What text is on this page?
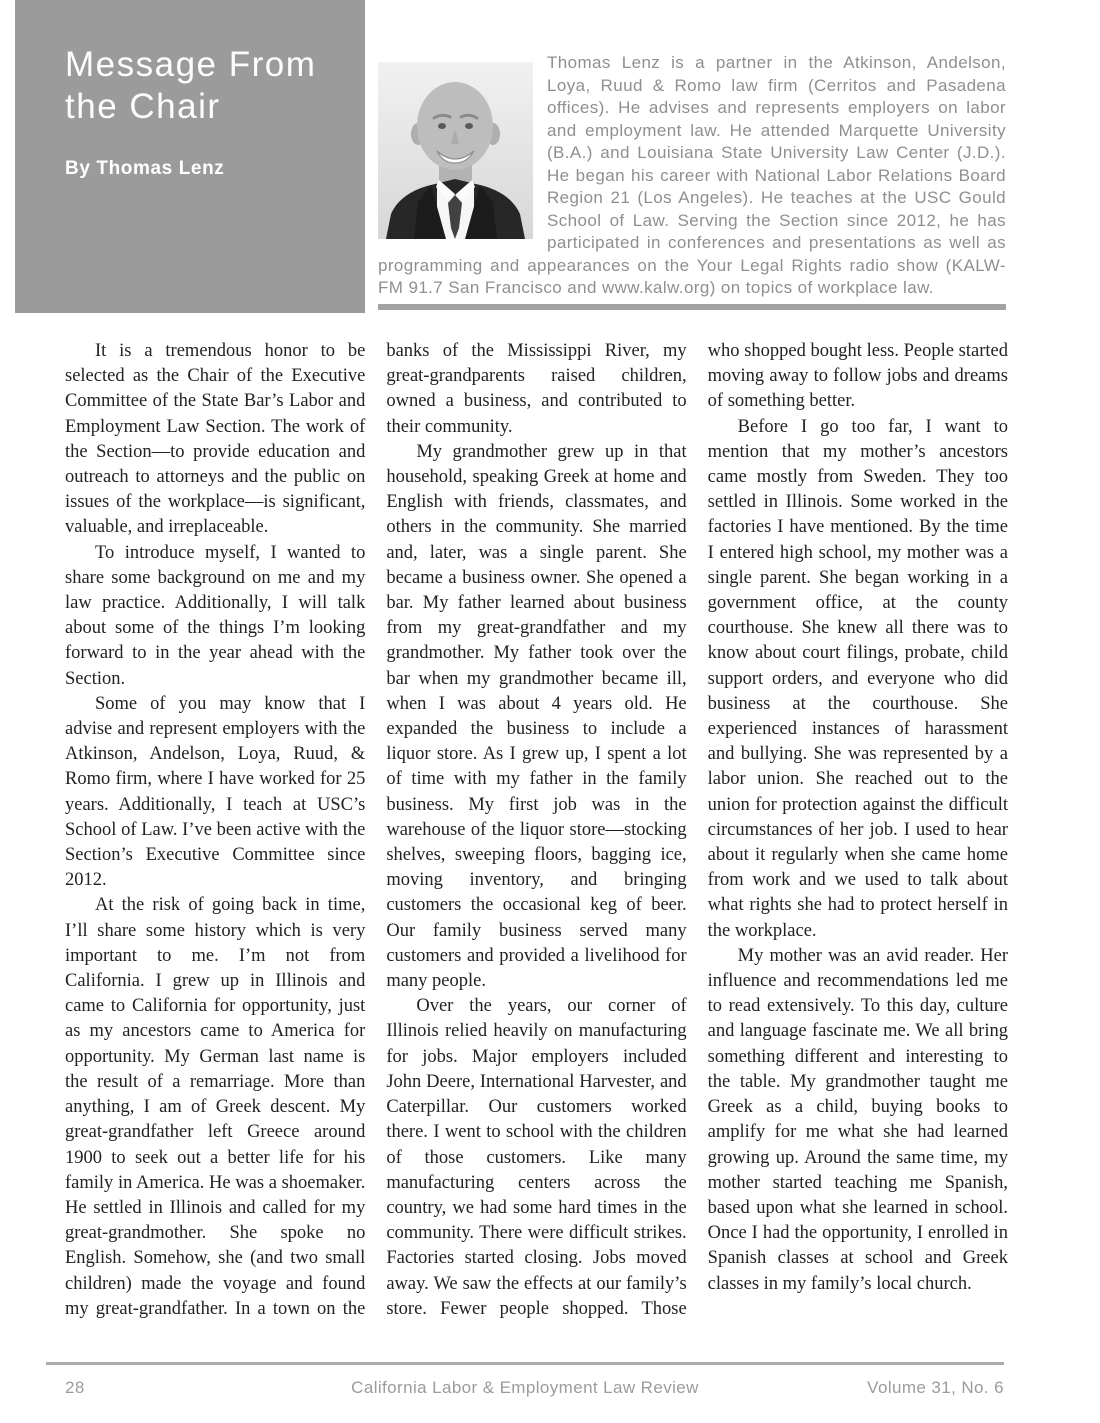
Message From the Chair
By Thomas Lenz

Thomas Lenz is a partner in the Atkinson, Andelson, Loya, Ruud & Romo law firm (Cerritos and Pasadena offices). He advises and represents employers on labor and employment law. He attended Marquette University (B.A.) and Louisiana State University Law Center (J.D.). He began his career with National Labor Relations Board Region 21 (Los Angeles). He teaches at the USC Gould School of Law. Serving the Section since 2012, he has participated in conferences and presentations as well as programming and appearances on the Your Legal Rights radio show (KALW-FM 91.7 San Francisco and www.kalw.org) on topics of workplace law.

It is a tremendous honor to be selected as the Chair of the Executive Committee of the State Bar’s Labor and Employment Law Section. The work of the Section—to provide education and outreach to attorneys and the public on issues of the workplace—is significant, valuable, and irreplaceable.

To introduce myself, I wanted to share some background on me and my law practice. Additionally, I will talk about some of the things I’m looking forward to in the year ahead with the Section.

Some of you may know that I advise and represent employers with the Atkinson, Andelson, Loya, Ruud, & Romo firm, where I have worked for 25 years. Additionally, I teach at USC’s School of Law. I’ve been active with the Section’s Executive Committee since 2012.

At the risk of going back in time, I’ll share some history which is very important to me. I’m not from California. I grew up in Illinois and came to California for opportunity, just as my ancestors came to America for opportunity. My German last name is the result of a remarriage. More than anything, I am of Greek descent. My great-grandfather left Greece around 1900 to seek out a better life for his family in America. He was a shoemaker. He settled in Illinois and called for my great-grandmother. She spoke no English. Somehow, she (and two small children) made the voyage and found my great-grandfather. In a town on the banks of the Mississippi River, my great-grandparents raised children, owned a business, and contributed to their community.

My grandmother grew up in that household, speaking Greek at home and English with friends, classmates, and others in the community. She married and, later, was a single parent. She became a business owner. She opened a bar. My father learned about business from my great-grandfather and my grandmother. My father took over the bar when my grandmother became ill, when I was about 4 years old. He expanded the business to include a liquor store. As I grew up, I spent a lot of time with my father in the family business. My first job was in the warehouse of the liquor store—stocking shelves, sweeping floors, bagging ice, moving inventory, and bringing customers the occasional keg of beer. Our family business served many customers and provided a livelihood for many people.

Over the years, our corner of Illinois relied heavily on manufacturing for jobs. Major employers included John Deere, International Harvester, and Caterpillar. Our customers worked there. I went to school with the children of those customers. Like many manufacturing centers across the country, we had some hard times in the community. There were difficult strikes. Factories started closing. Jobs moved away. We saw the effects at our family’s store. Fewer people shopped. Those who shopped bought less. People started moving away to follow jobs and dreams of something better.

Before I go too far, I want to mention that my mother’s ancestors came mostly from Sweden. They too settled in Illinois. Some worked in the factories I have mentioned. By the time I entered high school, my mother was a single parent. She began working in a government office, at the county courthouse. She knew all there was to know about court filings, probate, child support orders, and everyone who did business at the courthouse. She experienced instances of harassment and bullying. She was represented by a labor union. She reached out to the union for protection against the difficult circumstances of her job. I used to hear about it regularly when she came home from work and we used to talk about what rights she had to protect herself in the workplace.

My mother was an avid reader. Her influence and recommendations led me to read extensively. To this day, culture and language fascinate me. We all bring something different and interesting to the table. My grandmother taught me Greek as a child, buying books to amplify for me what she had learned growing up. Around the same time, my mother started teaching me Spanish, based upon what she learned in school. Once I had the opportunity, I enrolled in Spanish classes at school and Greek classes in my family’s local church.

28	California Labor & Employment Law Review	Volume 31, No. 6
